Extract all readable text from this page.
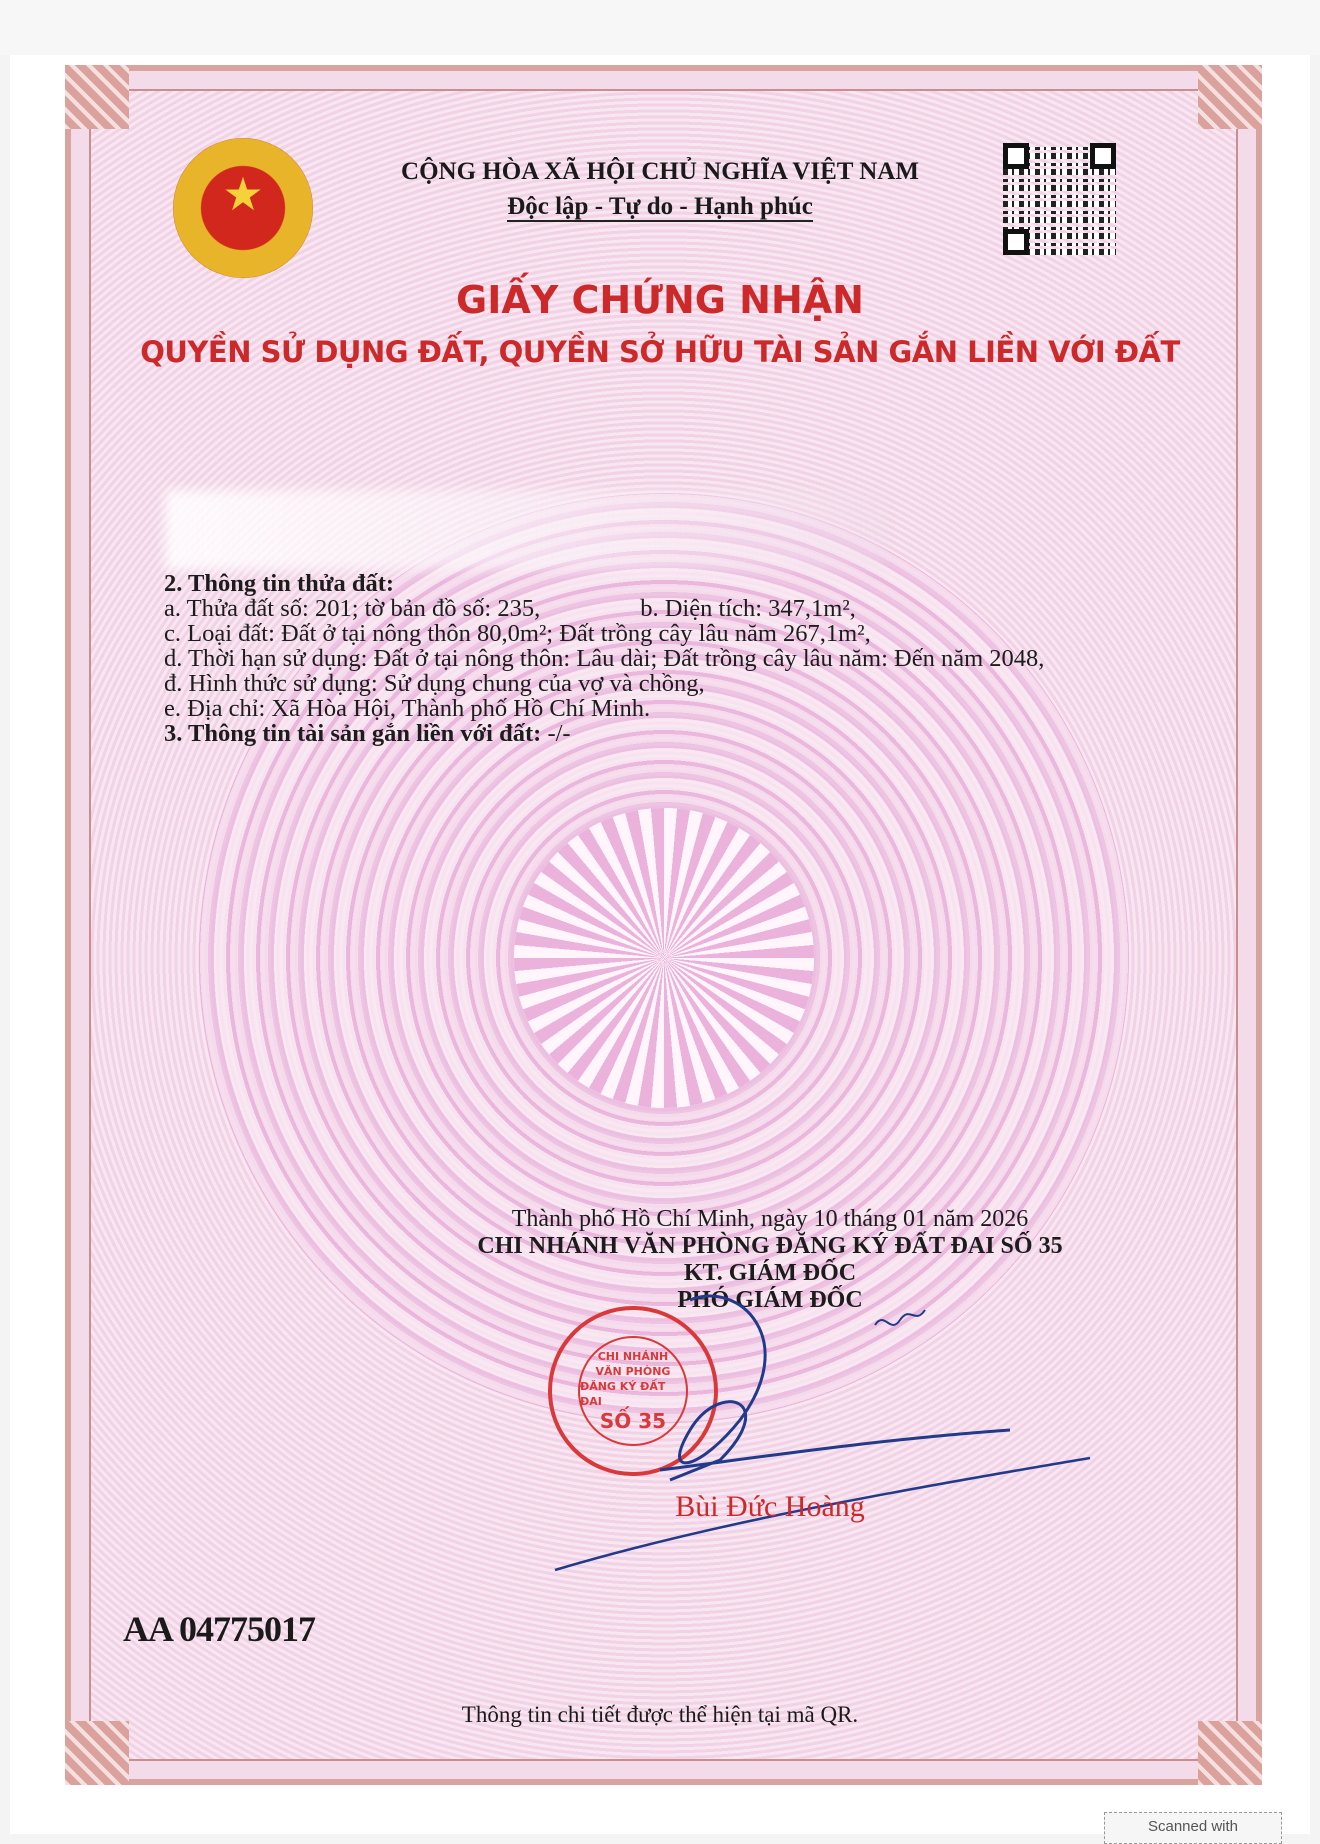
★	CỘNG HÒA XÃ HỘI CHỦ NGHĨA VIỆT NAM
Độc lập - Tự do - Hạnh phúc
GIẤY CHỨNG NHẬN
QUYỀN SỬ DỤNG ĐẤT, QUYỀN SỞ HỮU TÀI SẢN GẮN LIỀN VỚI ĐẤT
2. Thông tin thửa đất:
a. Thửa đất số: 201; tờ bản đồ số: 235,	b. Diện tích: 347,1m²,
c. Loại đất: Đất ở tại nông thôn 80,0m²; Đất trồng cây lâu năm 267,1m²,
d. Thời hạn sử dụng: Đất ở tại nông thôn: Lâu dài; Đất trồng cây lâu năm: Đến năm 2048,
đ. Hình thức sử dụng: Sử dụng chung của vợ và chồng,
e. Địa chỉ: Xã Hòa Hội, Thành phố Hồ Chí Minh.
3. Thông tin tài sản gắn liền với đất: -/-
Thành phố Hồ Chí Minh, ngày 10 tháng 01 năm 2026
CHI NHÁNH VĂN PHÒNG ĐĂNG KÝ ĐẤT ĐAI SỐ 35
KT. GIÁM ĐỐC
PHÓ GIÁM ĐỐC
CHI NHÁNH
VĂN PHÒNG
ĐĂNG KÝ ĐẤT ĐAI
SỐ 35
Bùi Đức Hoàng
AA 04775017
Thông tin chi tiết được thể hiện tại mã QR.
Scanned with
